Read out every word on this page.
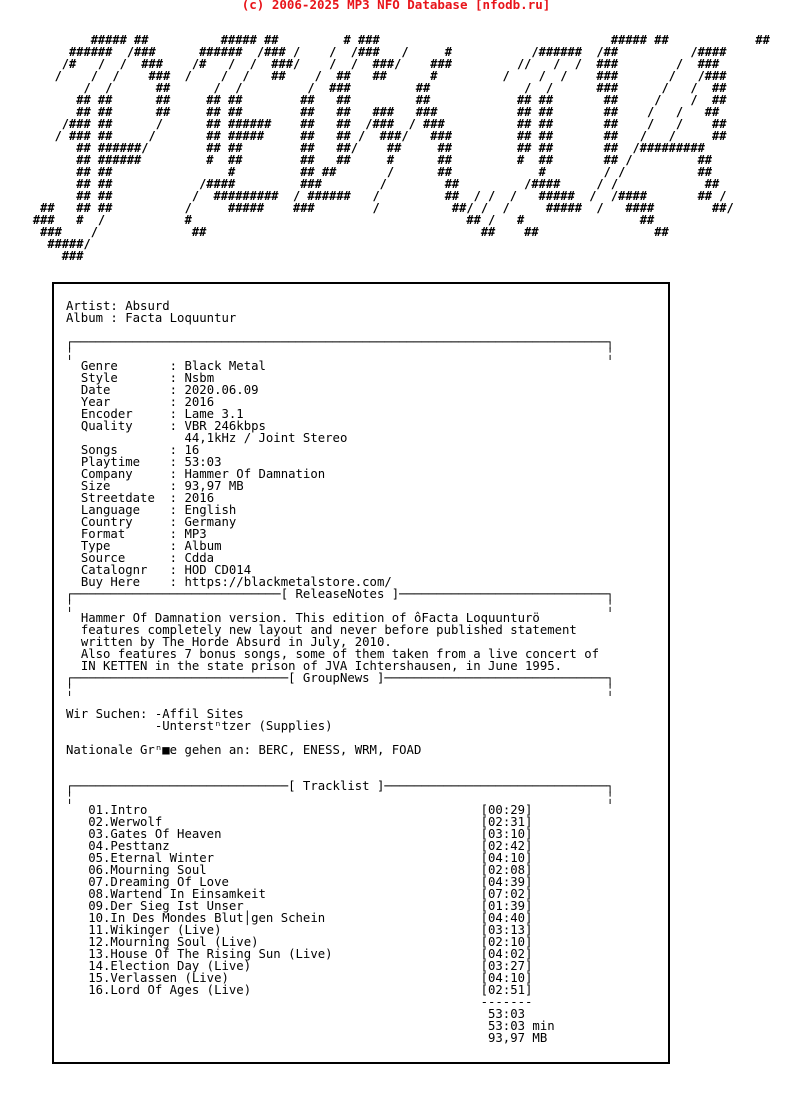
(c) 2006-2025 MP3 NFO Database [nfodb.ru]
##### ##          ##### ##         # ###                                ##### ##            ##
######  /###      ######  /### /    /  /###   /     #           /######  /##          /####
/#   /  /  ###    /#   /  /  ###/    /  /  ###/    ###         //   /  /  ###        /  ###
/    /  /    ###  /    /  /   ##    /  ##   ##      #         /    /  /    ###       /   /###
/  /      ##      /  /         /  ###         ##             /  /      ###      /   /  ##
## ##      ##     ## ##        ##   ##         ##            ## ##       ##     /    /  ##
## ##      ##     ## ##        ##   ##   ###   ###           ## ##       ##    /   /   ##
/### ##      /      ## ######    ##   ##  /###  / ###          ## ##       ##    /   /    ##
/ ### ##     /       ## #####     ##   ## /  ###/   ###         ## ##       ##   /   /     ##
## ######/        ## ##        ##   ##/    ##     ##         ## ##       ##  /#########
## ######         #  ##        ##   ##     #      ##         #  ##       ## /         ##
## ##                #         ## ##       /      ##            #        / /          ##
## ##            /####         ###        /        ##         /####     / /            ##
## ##           /  #########  / ######   /         ##  / /  /   #####  /  /####       ## /
##   ## ##          /     #####    ###        /          ##/ /  /     #####  /   ####        ##/
###   #  /           #                                      ## /   #                ##
###    /             ##                                      ##    ##                ##
#####/
###
Artist: Absurd
Album : Facta Loquuntur

┌────────────────────────────────────────────────────────────────────────┐
╎                                                                        ╎
Genre       : Black Metal
Style       : Nsbm
Date        : 2020.06.09
Year        : 2016
Encoder     : Lame 3.1
Quality     : VBR 246kbps
44,1kHz / Joint Stereo
Songs       : 16
Playtime    : 53:03
Company     : Hammer Of Damnation
Size        : 93,97 MB
Streetdate  : 2016
Language    : English
Country     : Germany
Format      : MP3
Type        : Album
Source      : Cdda
Catalognr   : HOD CD014
Buy Here    : https://blackmetalstore.com/
┌────────────────────────────[ ReleaseNotes ]────────────────────────────┐
╎                                                                        ╎
Hammer Of Damnation version. This edition of ôFacta Loquunturö
features completely new layout and never before published statement
written by The Horde Absurd in July, 2010.
Also features 7 bonus songs, some of them taken from a live concert of
IN KETTEN in the state prison of JVA Ichtershausen, in June 1995.
┌─────────────────────────────[ GroupNews ]──────────────────────────────┐
╎                                                                        ╎

Wir Suchen: -Affil Sites
-Unterstⁿtzer (Supplies)

Nationale Grⁿ■e gehen an: BERC, ENESS, WRM, FOAD

┌─────────────────────────────[ Tracklist ]──────────────────────────────┐
╎                                                                        ╎
01.Intro	[00:29]
02.Werwolf	[02:31]
03.Gates Of Heaven	[03:10]
04.Pesttanz	[02:42]
05.Eternal Winter	[04:10]
06.Mourning Soul	[02:08]
07.Dreaming Of Love	[04:39]
08.Wartend In Einsamkeit	[07:02]
09.Der Sieg Ist Unser	[01:39]
10.In Des Mondes Blut│gen Schein	[04:40]
11.Wikinger (Live)	[03:13]
12.Mourning Soul (Live)	[02:10]
13.House Of The Rising Sun (Live)	[04:02]
14.Election Day (Live)	[03:27]
15.Verlassen (Live)	[04:10]
16.Lord Of Ages (Live)	[02:51]
-------
53:03
53:03 min
93,97 MB
